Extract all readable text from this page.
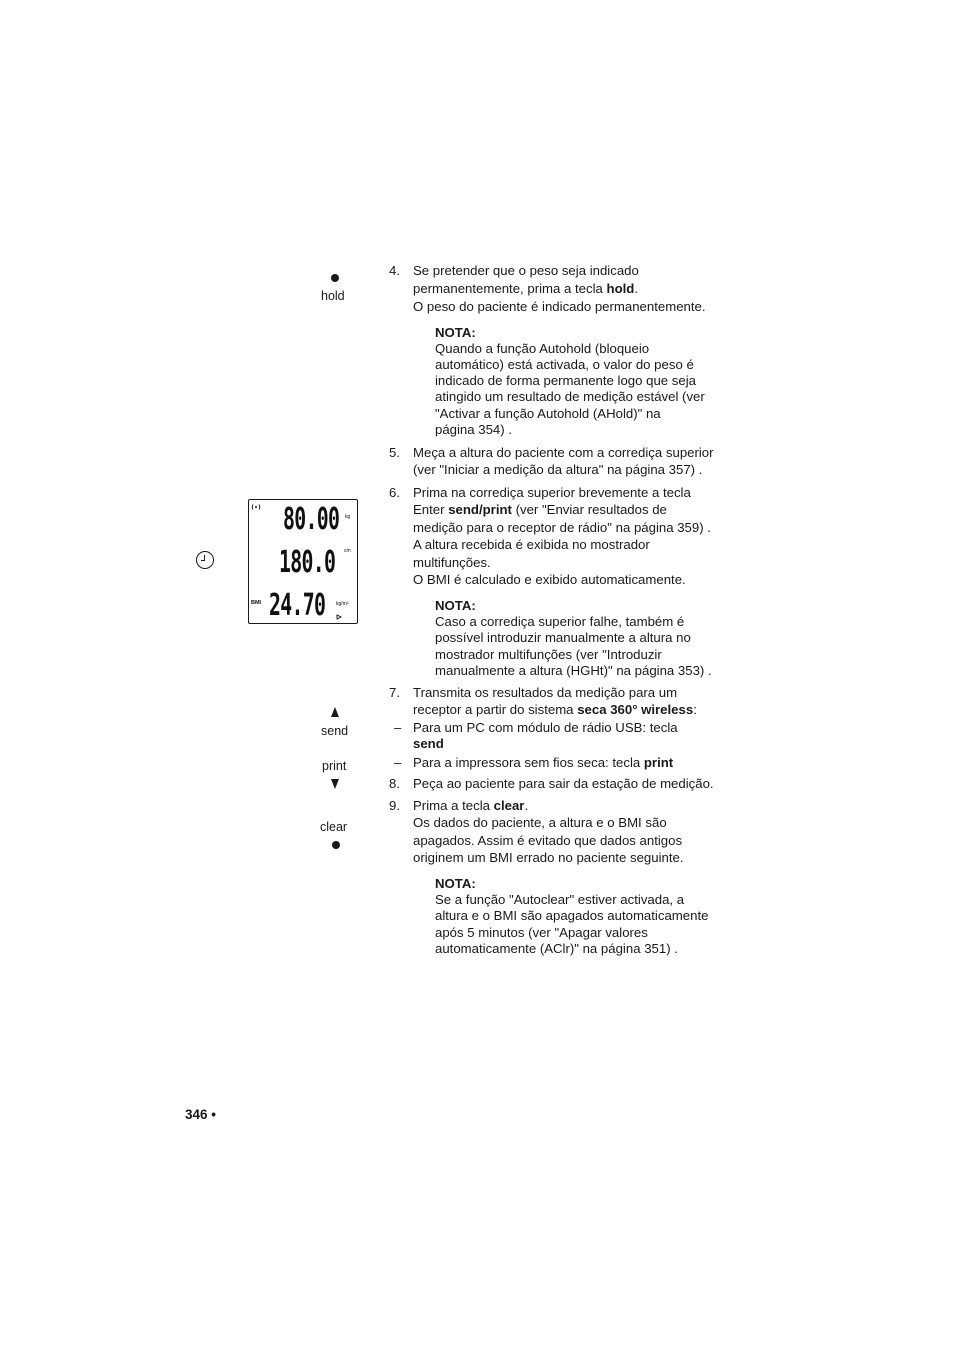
hold
send
print
clear
80.00 kg
180.0 cm
BMI 24.70 kg/m²
4. Se pretender que o peso seja indicado

permanentemente, prima a tecla hold.

O peso do paciente é indicado permanentemente.

NOTA:
Quando a função Autohold (bloqueio
automático) está activada, o valor do peso é
indicado de forma permanente logo que seja
atingido um resultado de medição estável (ver
"Activar a função Autohold (AHold)" na
página 354) .
5. Meça a altura do paciente com a corrediça superior

(ver "Iniciar a medição da altura" na página 357) .

6. Prima na corrediça superior brevemente a tecla

Enter send/print (ver "Enviar resultados de

medição para o receptor de rádio" na página 359) .

A altura recebida é exibida no mostrador

multifunções.

O BMI é calculado e exibido automaticamente.

NOTA:
Caso a corrediça superior falhe, também é
possível introduzir manualmente a altura no
mostrador multifunções (ver "Introduzir
manualmente a altura (HGHt)" na página 353) .
7. Transmita os resultados da medição para um

receptor a partir do sistema seca 360° wireless:

– Para um PC com módulo de rádio USB: tecla
send
– Para a impressora sem fios seca: tecla print
8. Peça ao paciente para sair da estação de medição.

9. Prima a tecla clear.

Os dados do paciente, a altura e o BMI são

apagados. Assim é evitado que dados antigos

originem um BMI errado no paciente seguinte.

NOTA:
Se a função "Autoclear" estiver activada, a
altura e o BMI são apagados automaticamente
após 5 minutos (ver "Apagar valores
automaticamente (AClr)" na página 351) .
346 •
